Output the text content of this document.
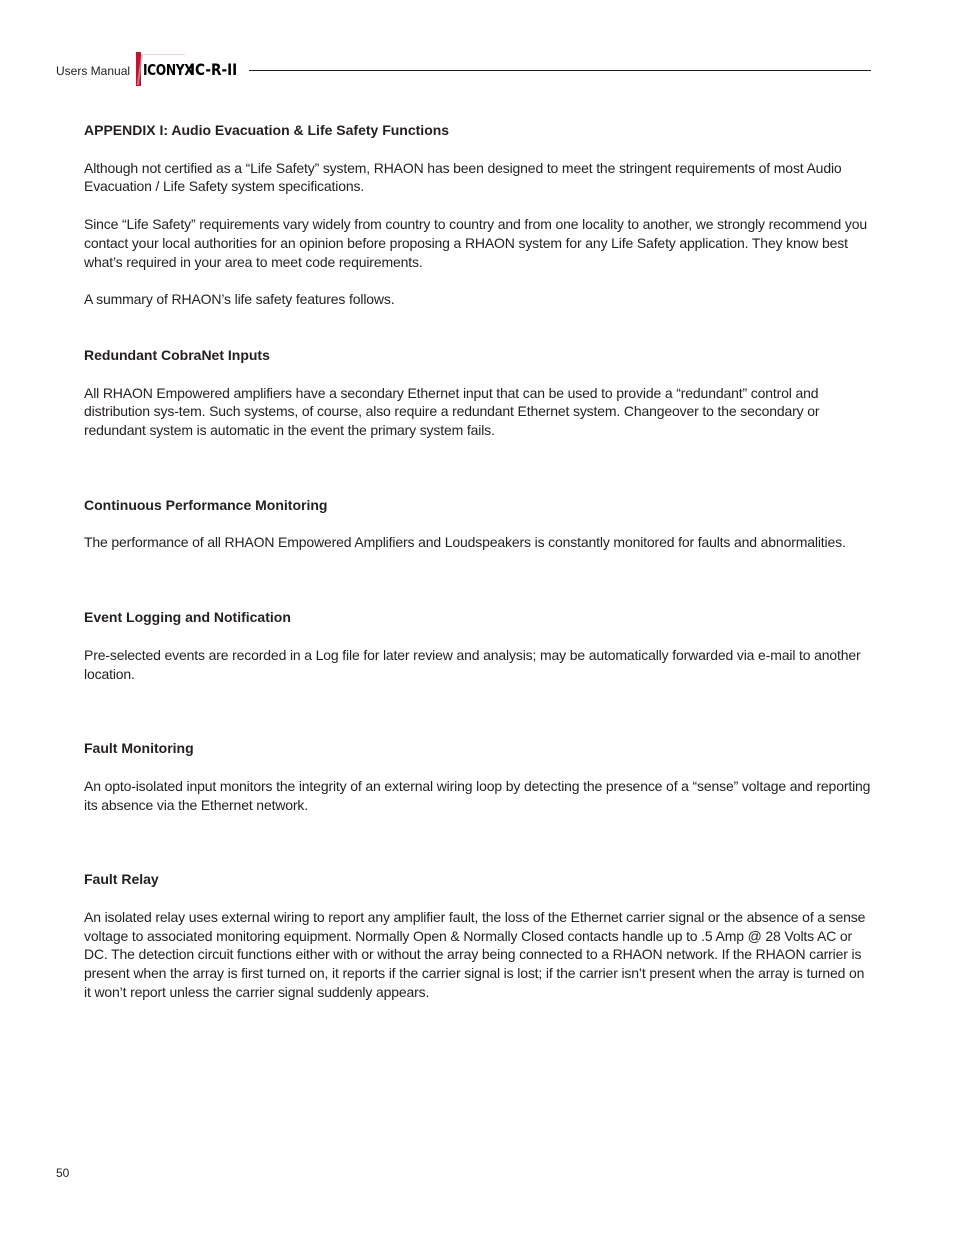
Users Manual ICONYX
IC-R-II
APPENDIX I: Audio Evacuation & Life Safety Functions

Although not certified as a “Life Safety” system, RHAON has been designed to meet the stringent requirements of most Audio Evacuation / Life Safety system specifications.

Since “Life Safety” requirements vary widely from country to country and from one locality to another, we strongly recommend you contact your local authorities for an opinion before proposing a RHAON system for any Life Safety application. They know best what’s required in your area to meet code requirements.

A summary of RHAON’s life safety features follows.

Redundant CobraNet Inputs

All RHAON Empowered amplifiers have a secondary Ethernet input that can be used to provide a “redundant” control and distribution sys-tem. Such systems, of course, also require a redundant Ethernet system. Changeover to the secondary or redundant system is automatic in the event the primary system fails.

Continuous Performance Monitoring

The performance of all RHAON Empowered Amplifiers and Loudspeakers is constantly monitored for faults and abnormalities.

Event Logging and Notification

Pre-selected events are recorded in a Log file for later review and analysis; may be automatically forwarded via e-mail to another location.

Fault Monitoring

An opto-isolated input monitors the integrity of an external wiring loop by detecting the presence of a “sense” voltage and reporting its absence via the Ethernet network.

Fault Relay

An isolated relay uses external wiring to report any amplifier fault, the loss of the Ethernet carrier signal or the absence of a sense voltage to associated monitoring equipment. Normally Open & Normally Closed contacts handle up to .5 Amp @ 28 Volts AC or DC. The detection circuit functions either with or without the array being connected to a RHAON network. If the RHAON carrier is present when the array is first turned on, it reports if the carrier signal is lost; if the carrier isn’t present when the array is turned on it won’t report unless the carrier signal suddenly appears.

50
